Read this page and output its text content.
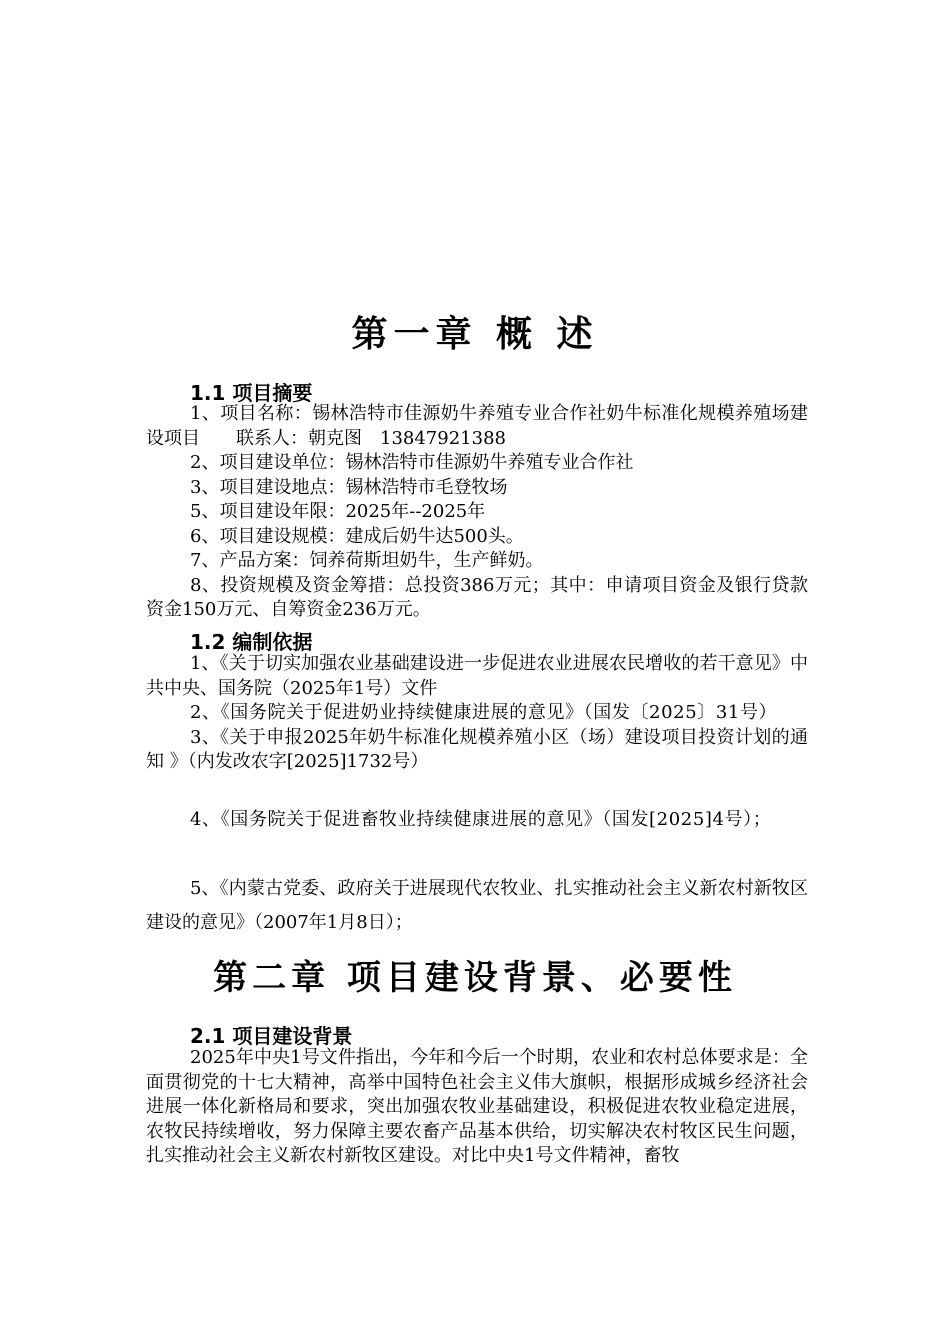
第一章 概 述
1.1 项目摘要

1、项目名称：锡林浩特市佳源奶牛养殖专业合作社奶牛标准化规模养殖场建设项目　　联系人：朝克图　13847921388

2、项目建设单位：锡林浩特市佳源奶牛养殖专业合作社

3、项目建设地点：锡林浩特市毛登牧场

5、项目建设年限：2025年--2025年

6、项目建设规模：建成后奶牛达500头。

7、产品方案：饲养荷斯坦奶牛，生产鲜奶。

8、投资规模及资金筹措：总投资386万元；其中：申请项目资金及银行贷款资金150万元、自筹资金236万元。

1.2 编制依据

1、《关于切实加强农业基础建设进一步促进农业进展农民增收的若干意见》中共中央、国务院（2025年1号）文件

2、《国务院关于促进奶业持续健康进展的意见》（国发〔2025〕31号）

3、《关于申报2025年奶牛标准化规模养殖小区（场）建设项目投资计划的通知 》（内发改农字[2025]1732号）

4、《国务院关于促进畜牧业持续健康进展的意见》（国发[2025]4号）；

5、《内蒙古党委、政府关于进展现代农牧业、扎实推动社会主义新农村新牧区建设的意见》（2007年1月8日）；

第二章 项目建设背景、必要性
2.1 项目建设背景

2025年中央1号文件指出，今年和今后一个时期，农业和农村总体要求是：全面贯彻党的十七大精神，高举中国特色社会主义伟大旗帜，根据形成城乡经济社会进展一体化新格局和要求，突出加强农牧业基础建设，积极促进农牧业稳定进展，农牧民持续增收，努力保障主要农畜产品基本供给，切实解决农村牧区民生问题，扎实推动社会主义新农村新牧区建设。对比中央1号文件精神，畜牧
